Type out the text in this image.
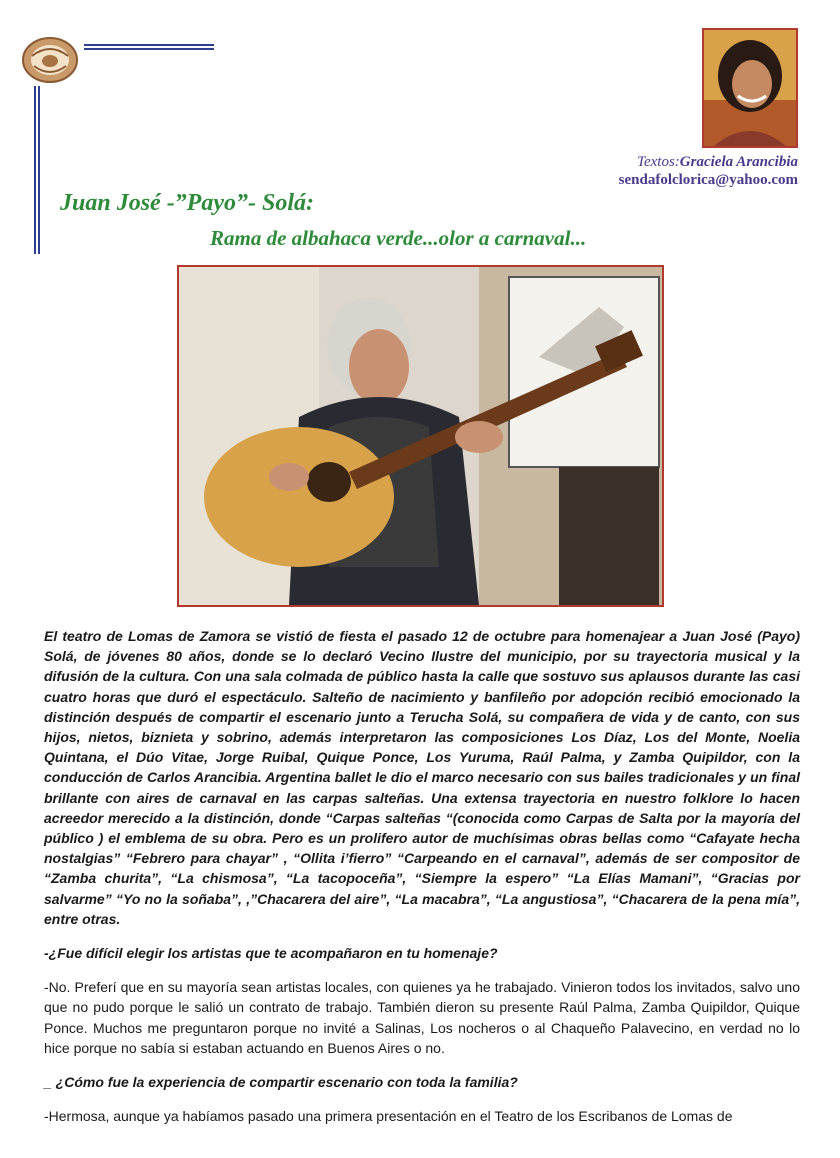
Textos:Graciela Arancibia
sendafolclorica@yahoo.com
Juan José -”Payo”- Solá:
Rama de albahaca verde...olor a carnaval...

El teatro de Lomas de Zamora se vistió de fiesta el pasado 12 de octubre para homenajear a Juan José (Payo) Solá, de jóvenes 80 años, donde se lo declaró Vecino Ilustre del municipio, por su trayectoria musical y la difusión de la cultura. Con una sala colmada de público hasta la calle que sostuvo sus aplausos durante las casi cuatro horas que duró el espectáculo. Salteño de nacimiento y banfileño por adopción recibió emocionado la distinción después de compartir el escenario junto a Terucha Solá, su compañera de vida y de canto, con sus hijos, nietos, biznieta y sobrino, además interpretaron las composiciones Los Díaz, Los del Monte, Noelia Quintana, el Dúo Vitae, Jorge Ruibal, Quique Ponce, Los Yuruma, Raúl Palma, y Zamba Quipildor, con la conducción de Carlos Arancibia. Argentina ballet le dio el marco necesario con sus bailes tradicionales y un final brillante con aires de carnaval en las carpas salteñas. Una extensa trayectoria en nuestro folklore lo hacen acreedor merecido a la distinción, donde “Carpas salteñas “(conocida como Carpas de Salta por la mayoría del público ) el emblema de su obra. Pero es un prolifero autor de muchísimas obras bellas como “Cafayate hecha nostalgias” “Febrero para chayar” , “Ollita i’fierro” “Carpeando en el carnaval”, además de ser compositor de “Zamba churita”, “La chismosa”, “La tacopoceña”, “Siempre la espero” “La Elías Mamani”, “Gracias por salvarme” “Yo no la soñaba”, ,”Chacarera del aire”, “La macabra”, “La angustiosa”, “Chacarera de la pena mía”, entre otras.

-¿Fue difícil elegir los artistas que te acompañaron en tu homenaje?

-No. Preferí que en su mayoría sean artistas locales, con quienes ya he trabajado. Vinieron todos los invitados, salvo uno que no pudo porque le salió un contrato de trabajo. También dieron su presente Raúl Palma, Zamba Quipildor, Quique Ponce. Muchos me preguntaron porque no invité a Salinas, Los nocheros o al Chaqueño Palavecino, en verdad no lo hice porque no sabía si estaban actuando en Buenos Aires o no.

_ ¿Cómo fue la experiencia de compartir escenario con toda la familia?

-Hermosa, aunque ya habíamos pasado una primera presentación en el Teatro de los Escribanos de Lomas de
